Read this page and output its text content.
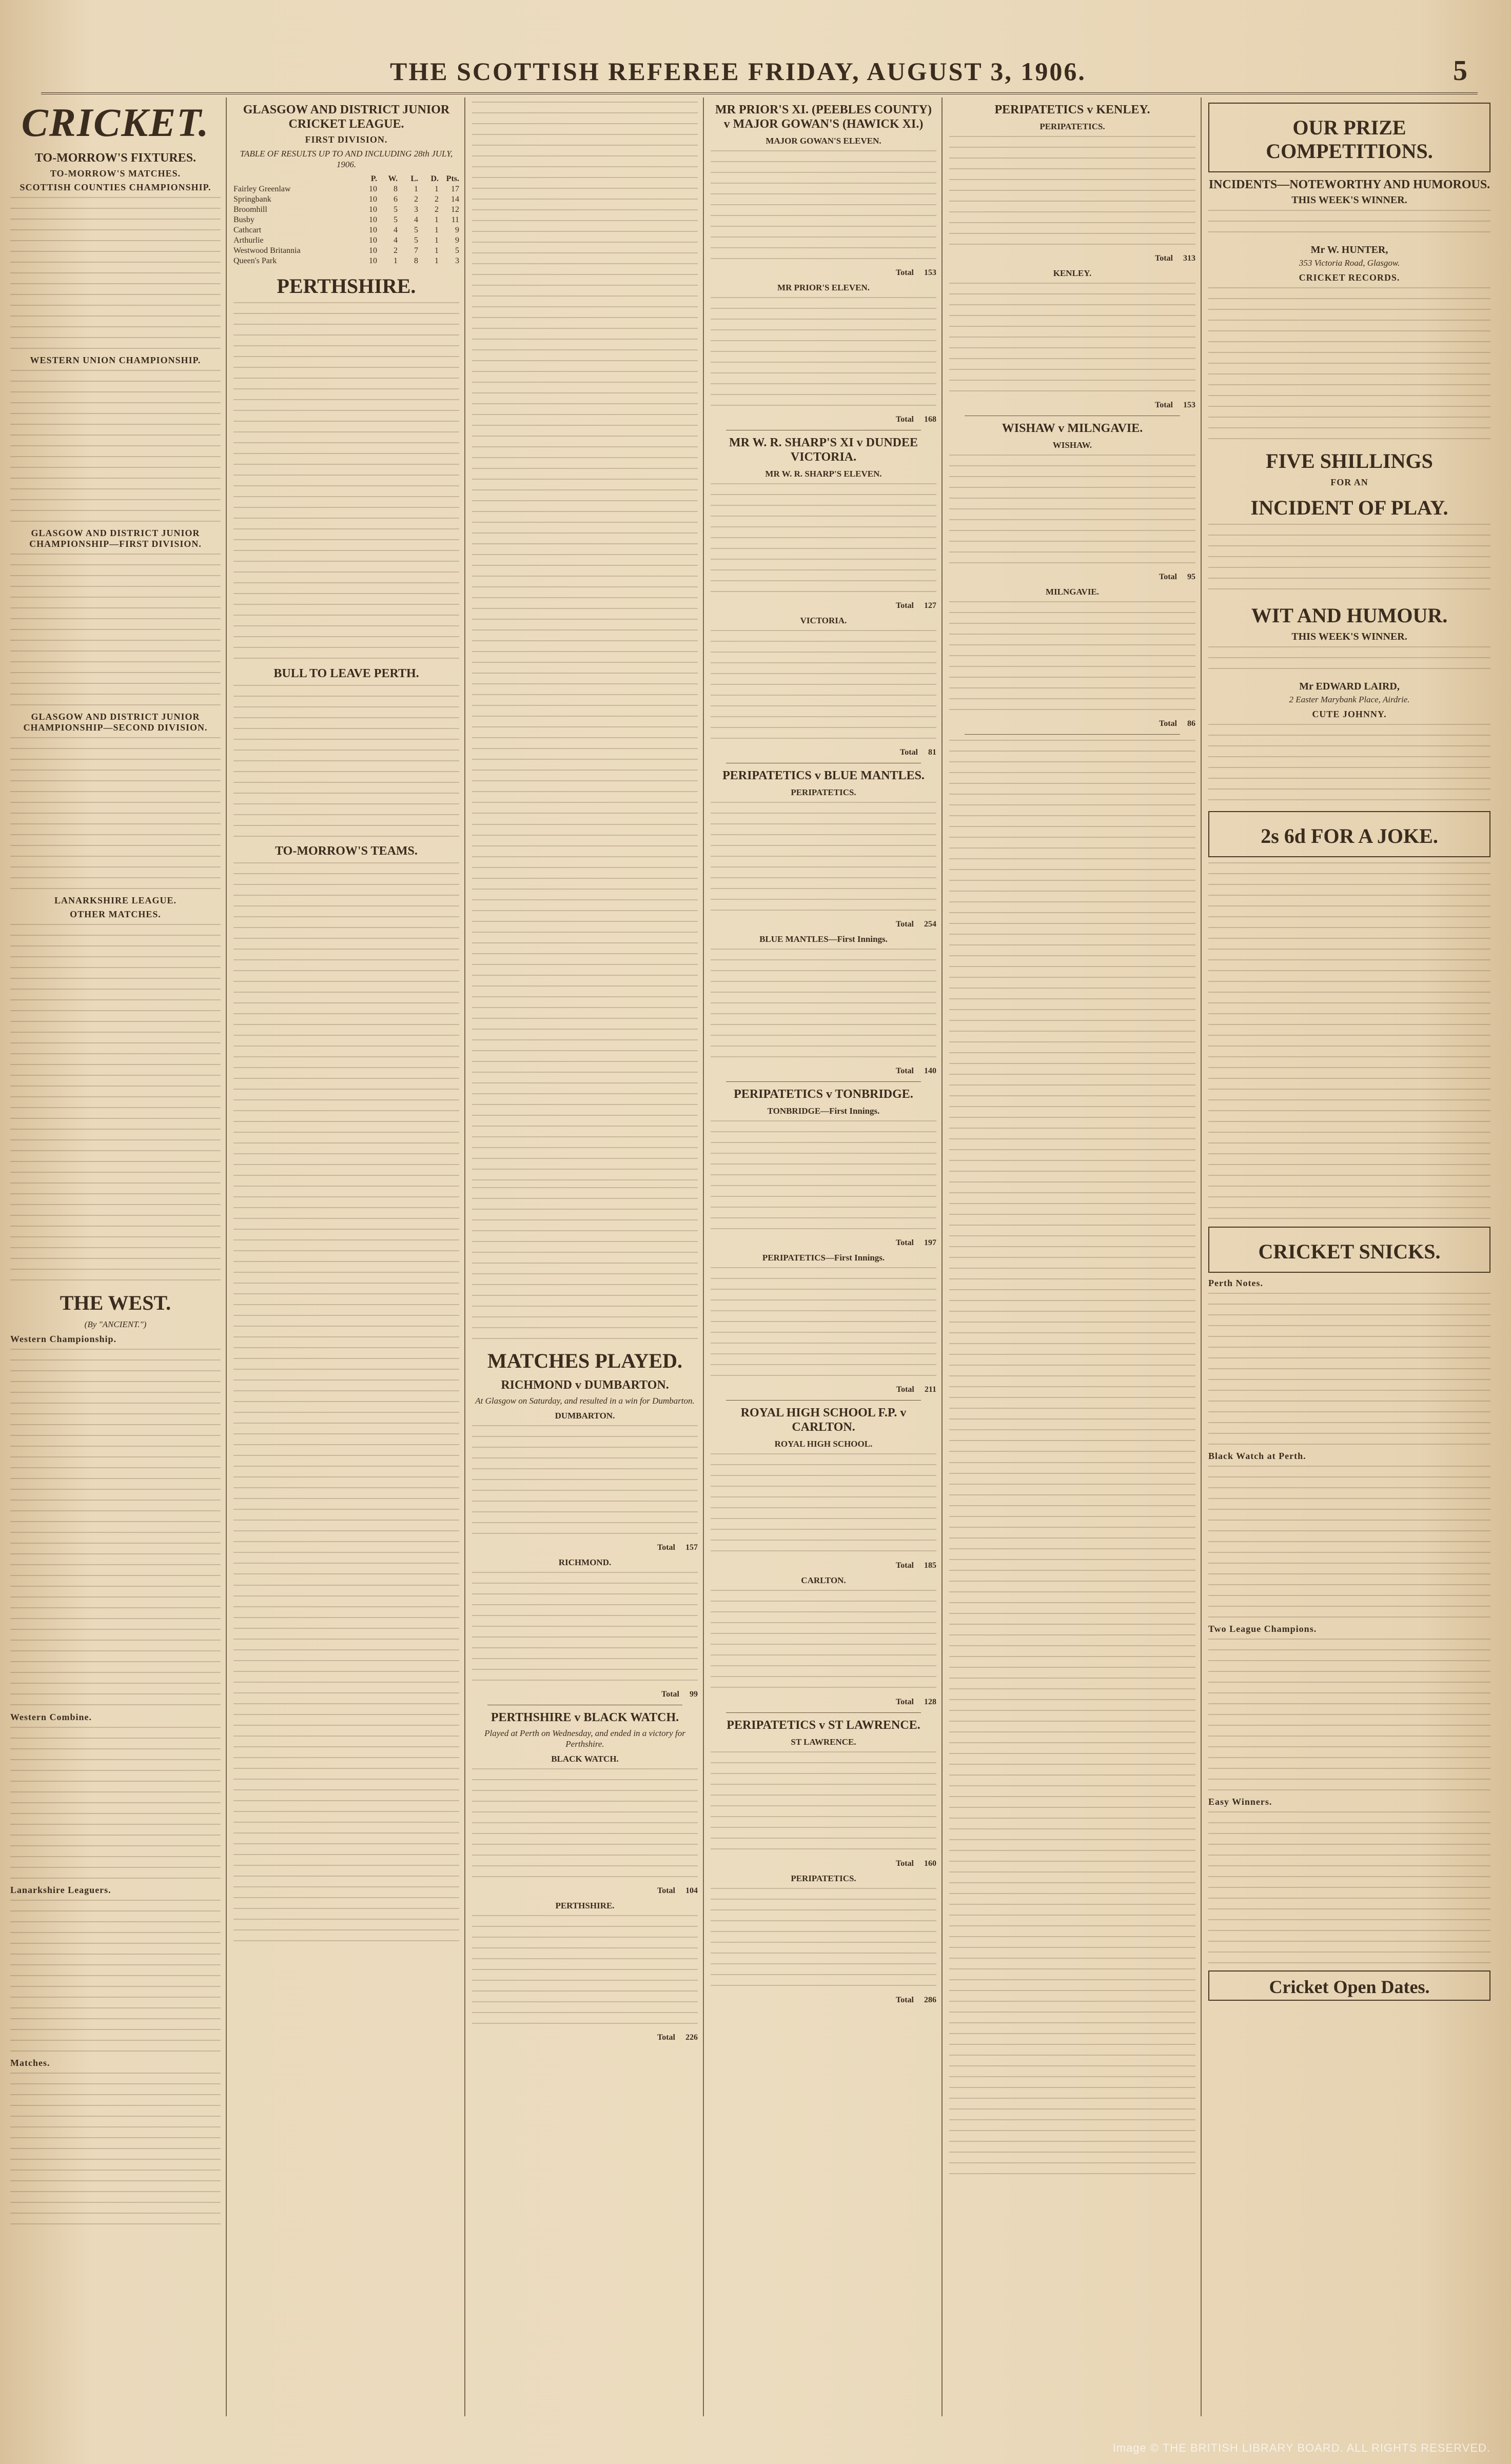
THE SCOTTISH REFEREE FRIDAY, AUGUST 3, 1906.	5
CRICKET.
TO-MORROW'S FIXTURES.
TO-MORROW'S MATCHES.
SCOTTISH COUNTIES CHAMPIONSHIP.
WESTERN UNION CHAMPIONSHIP.
GLASGOW AND DISTRICT JUNIOR CHAMPIONSHIP—FIRST DIVISION.
GLASGOW AND DISTRICT JUNIOR CHAMPIONSHIP—SECOND DIVISION.
LANARKSHIRE LEAGUE.
OTHER MATCHES.
THE WEST.
(By "ANCIENT.")
Western Championship.
Western Combine.
Lanarkshire Leaguers.
Matches.
GLASGOW AND DISTRICT JUNIOR CRICKET LEAGUE.
FIRST DIVISION.
TABLE OF RESULTS UP TO AND INCLUDING 28th JULY, 1906.
P.	W.	L.	D. Pts.
Fairley Greenlaw	10	8	1	1	17
Springbank	10	6	2	2	14
Broomhill	10	5	3	2	12
Busby	10	5	4	1	11
Cathcart	10	4	5	1	9
Arthurlie	10	4	5	1	9
Westwood Britannia	10	2	7	1	5
Queen's Park	10	1	8	1	3
PERTHSHIRE.
BULL TO LEAVE PERTH.
TO-MORROW'S TEAMS.
MATCHES PLAYED.
RICHMOND v DUMBARTON.
At Glasgow on Saturday, and resulted in a win for Dumbarton.
DUMBARTON.
Total 157
RICHMOND.
Total 99
PERTHSHIRE v BLACK WATCH.
Played at Perth on Wednesday, and ended in a victory for Perthshire.
BLACK WATCH.
Total 104
PERTHSHIRE.
Total 226
MR PRIOR'S XI. (PEEBLES COUNTY) v MAJOR GOWAN'S (HAWICK XI.)
MAJOR GOWAN'S ELEVEN.
Total 153
MR PRIOR'S ELEVEN.
Total 168
MR W. R. SHARP'S XI v DUNDEE VICTORIA.
MR W. R. SHARP'S ELEVEN.
Total 127
VICTORIA.
Total 81
PERIPATETICS v BLUE MANTLES.
PERIPATETICS.
Total 254
BLUE MANTLES—First Innings.
Total 140
PERIPATETICS v TONBRIDGE.
TONBRIDGE—First Innings.
Total 197
PERIPATETICS—First Innings.
Total 211
ROYAL HIGH SCHOOL F.P. v CARLTON.
ROYAL HIGH SCHOOL.
Total 185
CARLTON.
Total 128
PERIPATETICS v ST LAWRENCE.
ST LAWRENCE.
Total 160
PERIPATETICS.
Total 286
PERIPATETICS v KENLEY.
PERIPATETICS.
Total 313
KENLEY.
Total 153
WISHAW v MILNGAVIE.
WISHAW.
Total 95
MILNGAVIE.
Total 86
OUR PRIZE COMPETITIONS.
INCIDENTS—NOTEWORTHY AND HUMOROUS.
THIS WEEK'S WINNER.
Mr W. HUNTER,
353 Victoria Road, Glasgow.
CRICKET RECORDS.
FIVE SHILLINGS
FOR AN
INCIDENT OF PLAY.
WIT AND HUMOUR.
THIS WEEK'S WINNER.
Mr EDWARD LAIRD,
2 Easter Marybank Place, Airdrie.
CUTE JOHNNY.
2s 6d FOR A JOKE.
CRICKET SNICKS.
Perth Notes.
Black Watch at Perth.
Two League Champions.
Easy Winners.
Cricket Open Dates.
Image © THE BRITISH LIBRARY BOARD. ALL RIGHTS RESERVED.
